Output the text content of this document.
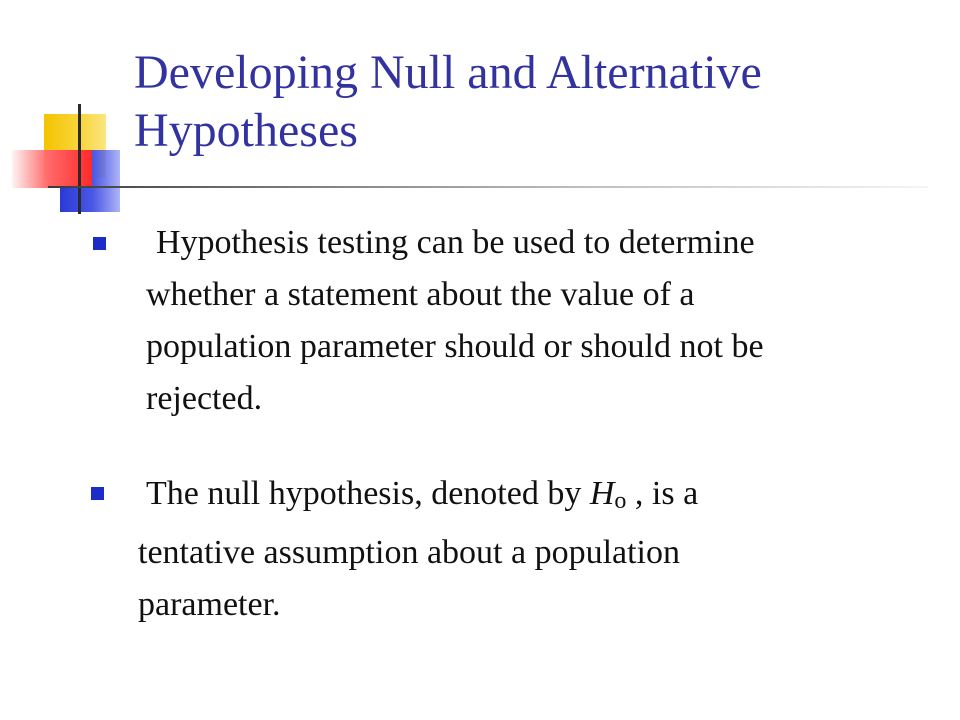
Developing Null and Alternative
Hypotheses

Hypothesis testing can be used to determine
whether a statement about the value of a
population parameter should or should not be
rejected.

The null hypothesis, denoted by Ho , is a
tentative assumption about a population
parameter.
